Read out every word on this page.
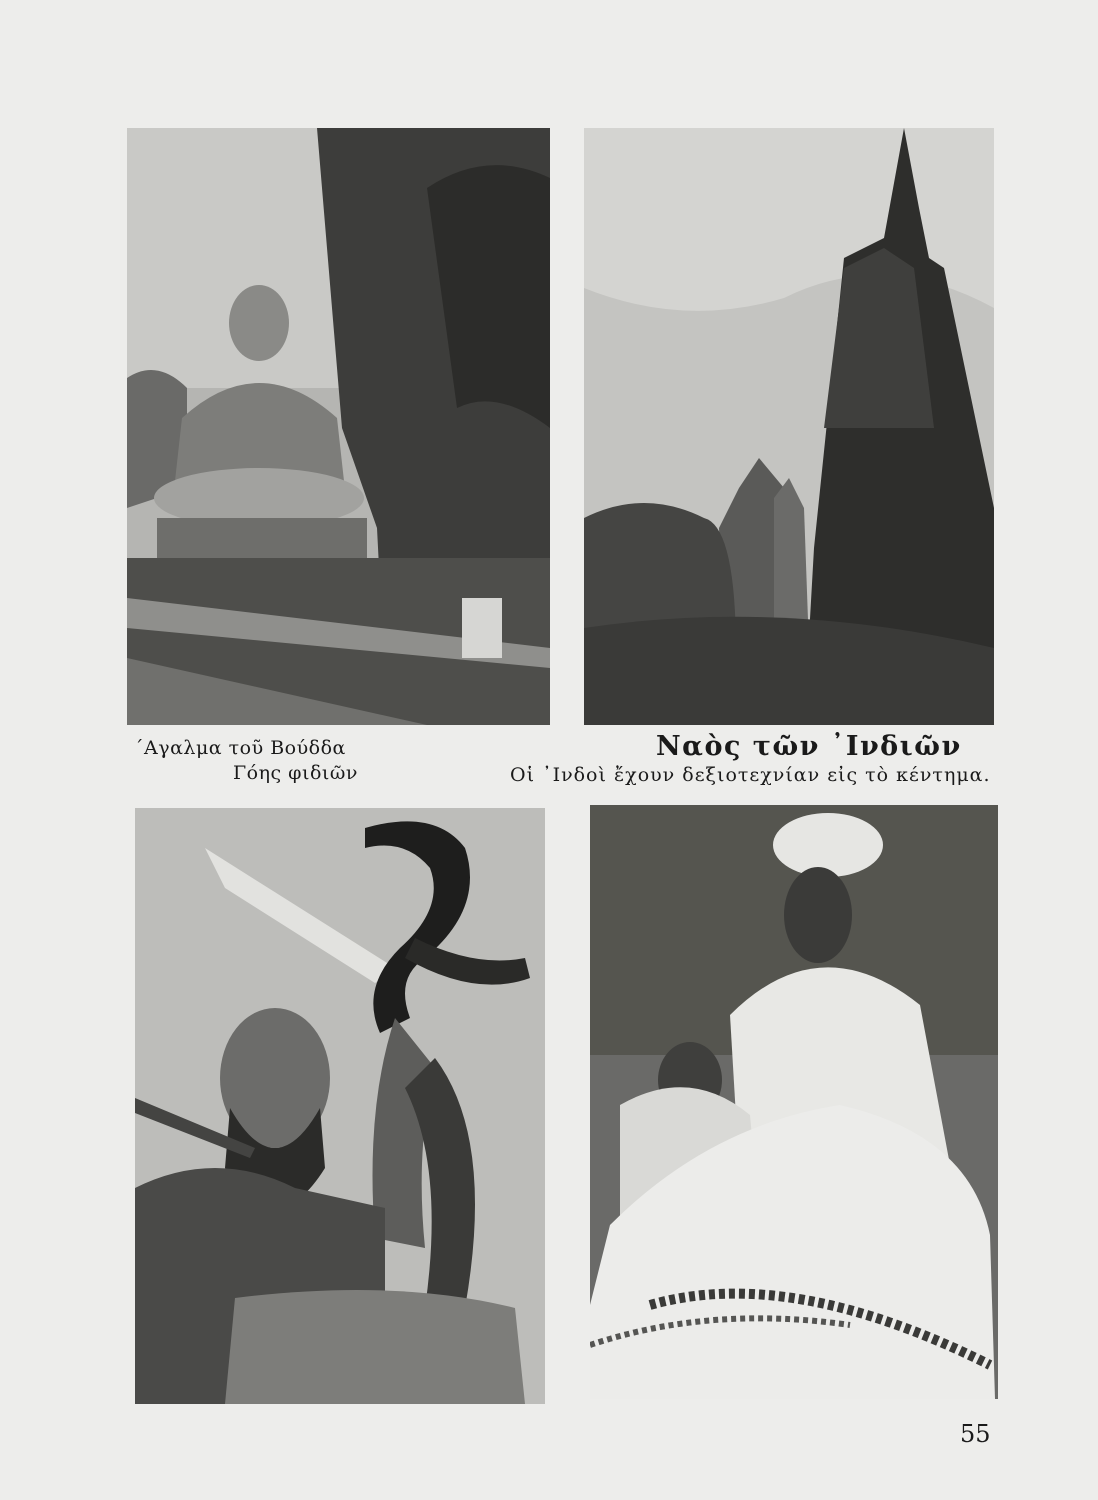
΄Αγαλμα τοῦ Βούδδα
Γόης φιδιῶν
Ναὸς τῶν ᾿Ινδιῶν
Οἱ ᾿Ινδοὶ ἔχουν δεξιοτεχνίαν εἰς τὸ κέντημα.
55
